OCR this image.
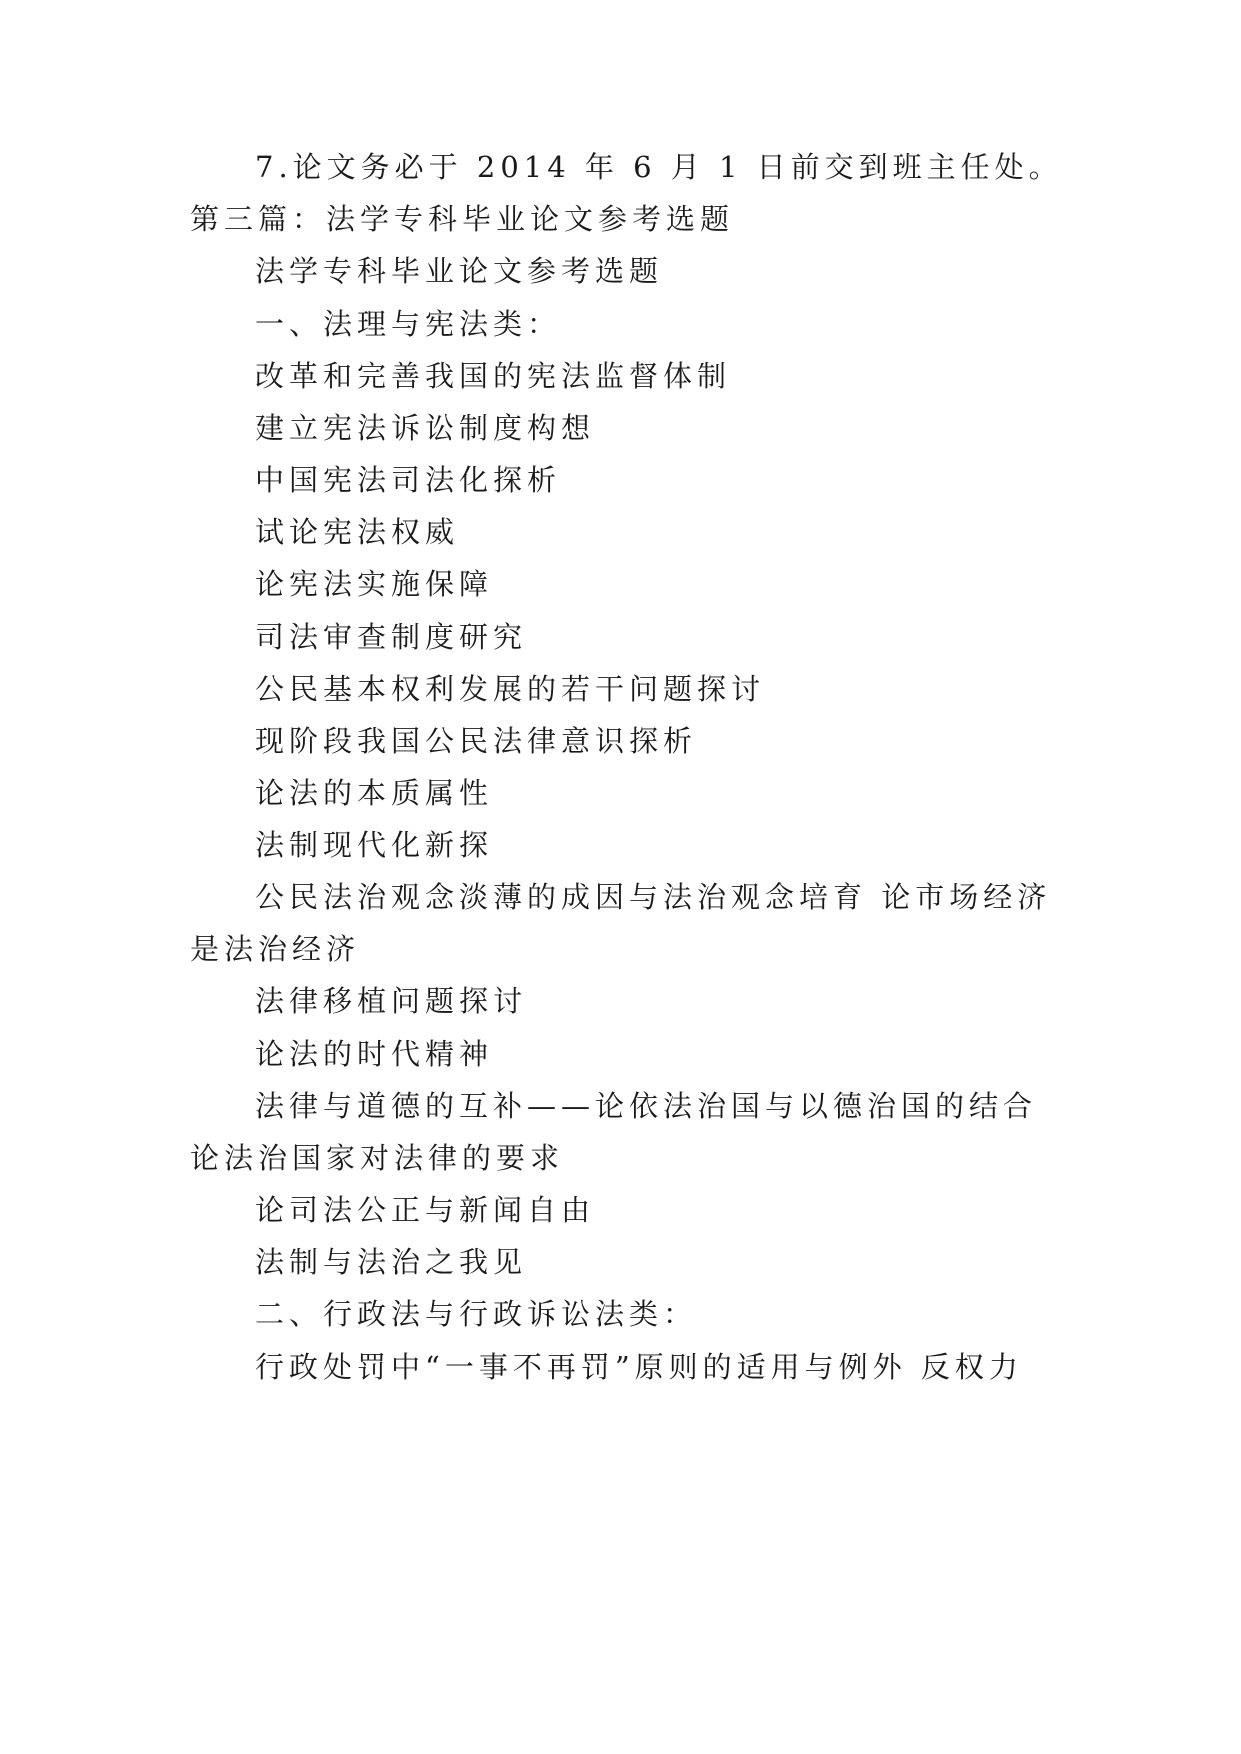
7.论文务必于 2014 年 6 月 1 日前交到班主任处。
第三篇：法学专科毕业论文参考选题
法学专科毕业论文参考选题
一、法理与宪法类：
改革和完善我国的宪法监督体制
建立宪法诉讼制度构想
中国宪法司法化探析
试论宪法权威
论宪法实施保障
司法审查制度研究
公民基本权利发展的若干问题探讨
现阶段我国公民法律意识探析
论法的本质属性
法制现代化新探
公民法治观念淡薄的成因与法治观念培育 论市场经济
是法治经济
法律移植问题探讨
论法的时代精神
法律与道德的互补——论依法治国与以德治国的结合
论法治国家对法律的要求
论司法公正与新闻自由
法制与法治之我见
二、行政法与行政诉讼法类：
行政处罚中“一事不再罚”原则的适用与例外 反权力
